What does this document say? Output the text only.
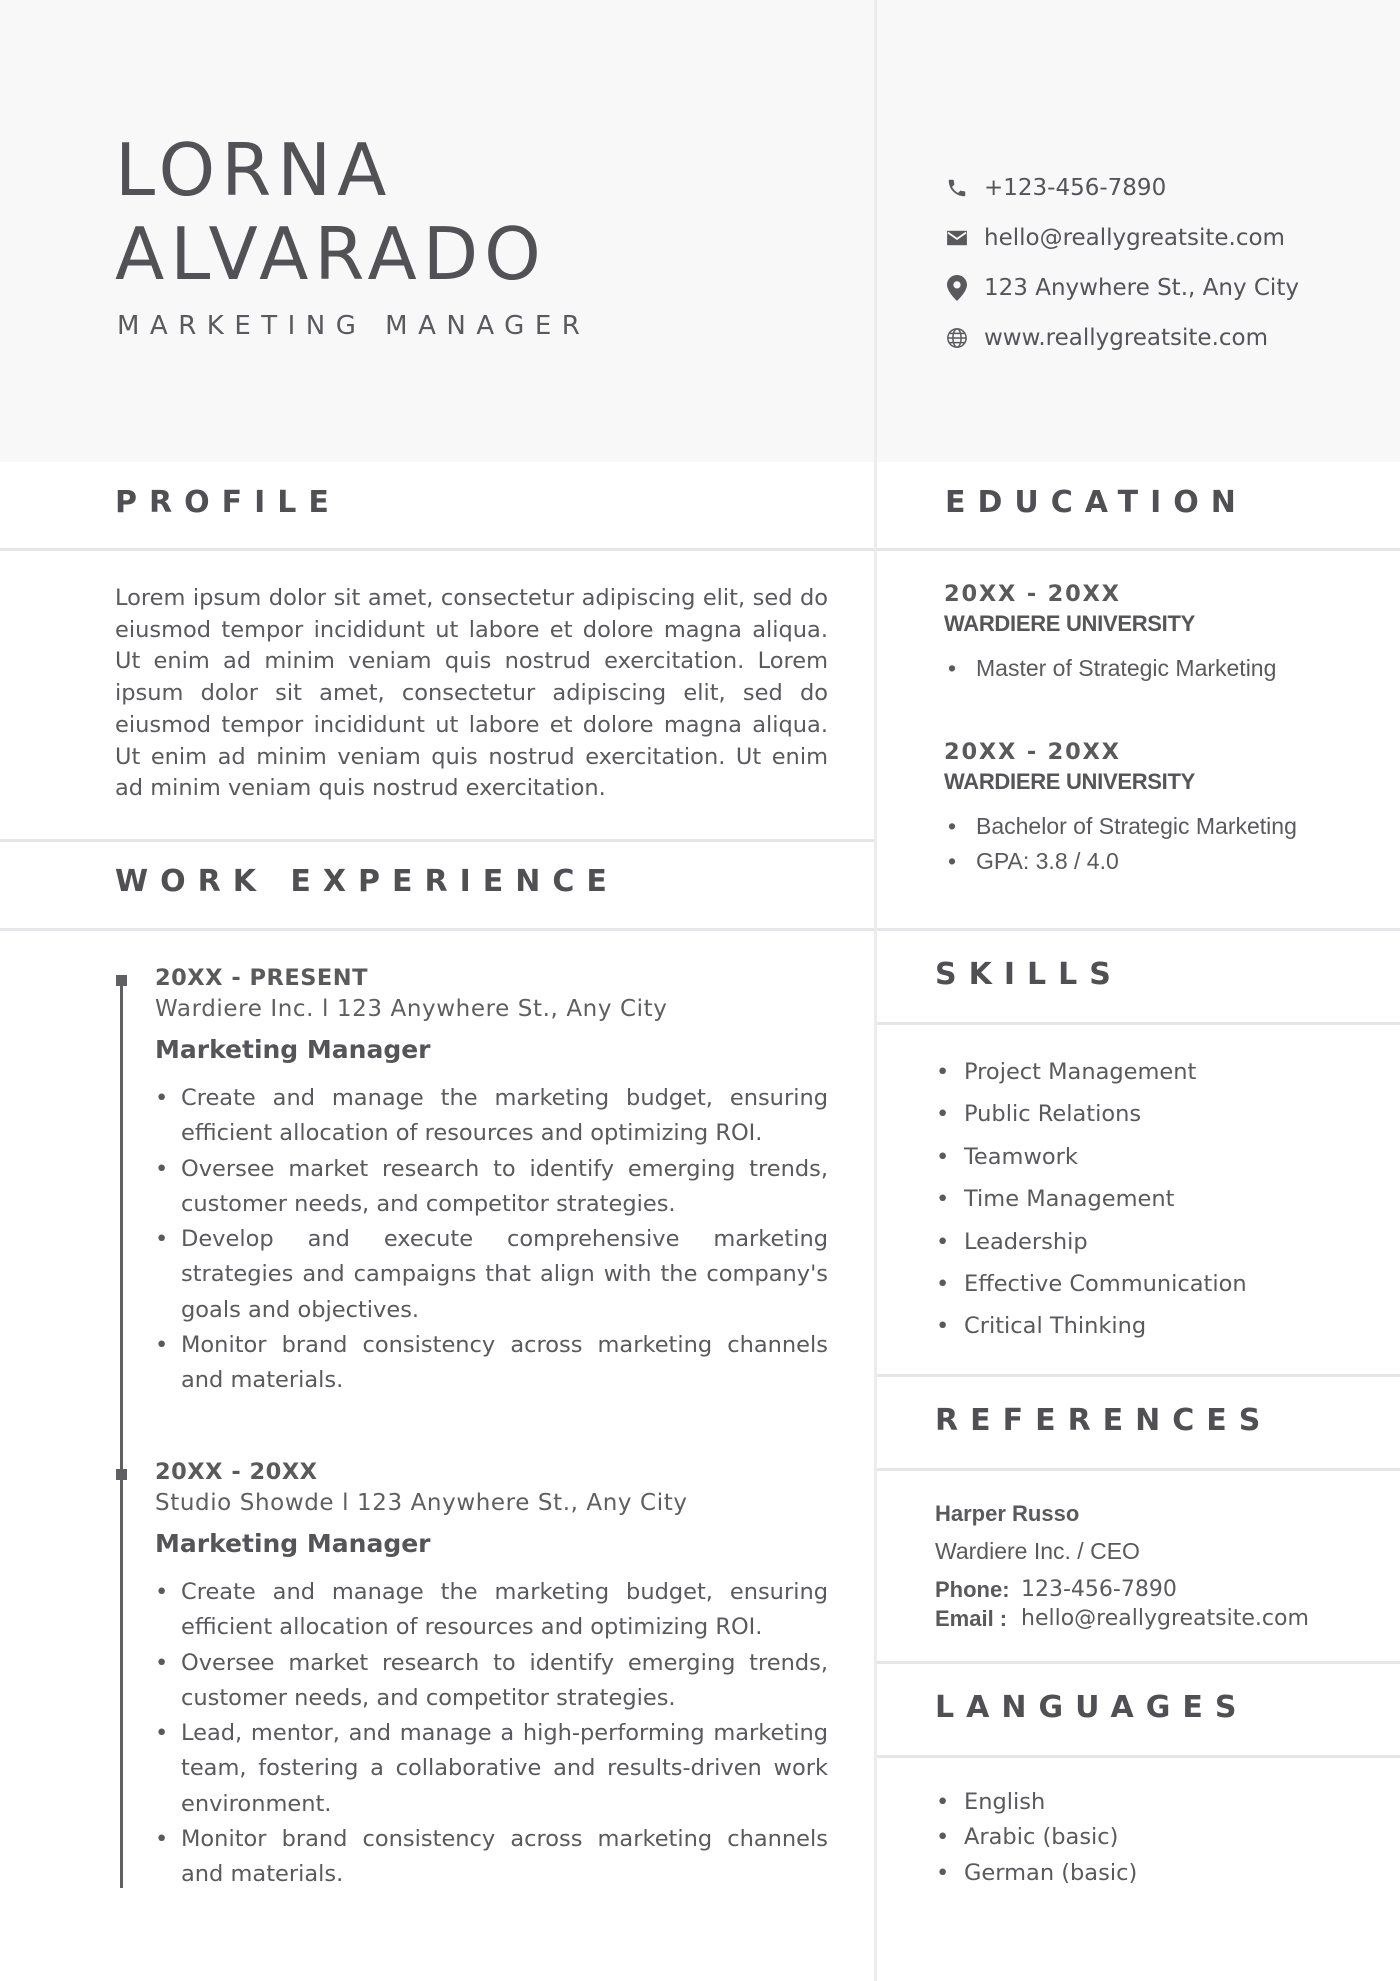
LORNA
ALVARADO
MARKETING MANAGER
+123-456-7890
hello@reallygreatsite.com
123 Anywhere St., Any City
www.reallygreatsite.com
PROFILE	EDUCATION
WORK EXPERIENCE
SKILLS
REFERENCES
LANGUAGES
Lorem ipsum dolor sit amet, consectetur adipiscing elit, sed do eiusmod tempor incididunt ut labore et dolore magna aliqua. Ut enim ad minim veniam quis nostrud exercitation. Lorem ipsum dolor sit amet, consectetur adipiscing elit, sed do eiusmod tempor incididunt ut labore et dolore magna aliqua. Ut enim ad minim veniam quis nostrud exercitation. Ut enim ad minim veniam quis nostrud exercitation.
20XX - PRESENT
Wardiere Inc. l 123 Anywhere St., Any City
Marketing Manager
• Create and manage the marketing budget, ensuring efficient allocation of resources and optimizing ROI.
• Oversee market research to identify emerging trends, customer needs, and competitor strategies.
• Develop and execute comprehensive marketing strategies and campaigns that align with the company's goals and objectives.
• Monitor brand consistency across marketing channels and materials.
20XX - 20XX
Studio Showde l 123 Anywhere St., Any City
Marketing Manager
• Create and manage the marketing budget, ensuring efficient allocation of resources and optimizing ROI.
• Oversee market research to identify emerging trends, customer needs, and competitor strategies.
• Lead, mentor, and manage a high-performing marketing team, fostering a collaborative and results-driven work environment.
• Monitor brand consistency across marketing channels and materials.
20XX - 20XX
WARDIERE UNIVERSITY
• Master of Strategic Marketing
20XX - 20XX
WARDIERE UNIVERSITY
• Bachelor of Strategic Marketing
• GPA: 3.8 / 4.0
• Project Management
• Public Relations
• Teamwork
• Time Management
• Leadership
• Effective Communication
• Critical Thinking
Harper Russo
Wardiere Inc. / CEO
Phone: 123-456-7890
Email : hello@reallygreatsite.com
• English
• Arabic (basic)
• German (basic)
